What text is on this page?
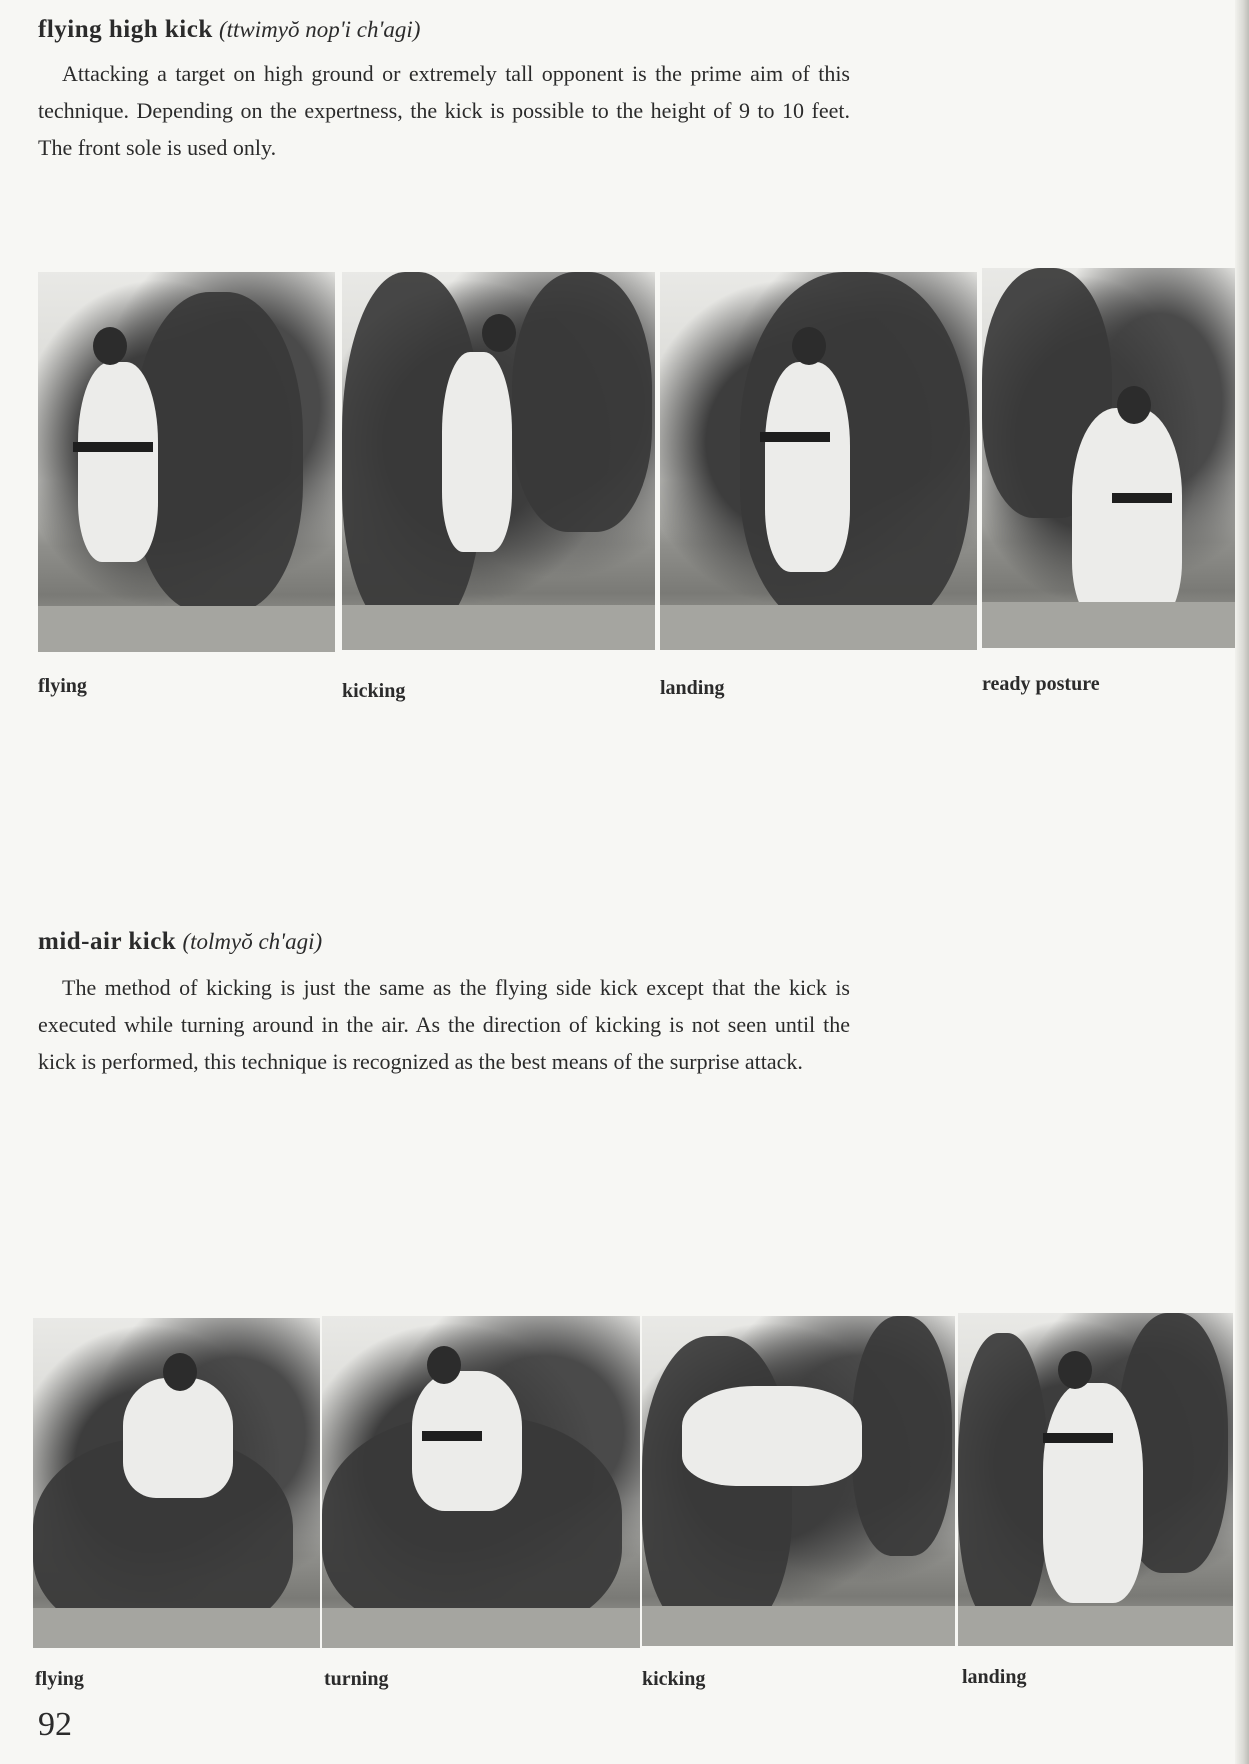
flying high kick (ttwimyŏ nop'i ch'agi)
Attacking a target on high ground or extremely tall opponent is the prime aim of this technique. Depending on the expertness, the kick is possible to the height of 9 to 10 feet. The front sole is used only.
flying	kicking	landing	ready posture
mid-air kick (tolmyŏ ch'agi)
The method of kicking is just the same as the flying side kick except that the kick is executed while turning around in the air. As the direction of kicking is not seen until the kick is performed, this technique is recognized as the best means of the surprise attack.
flying	turning	kicking	landing
92
